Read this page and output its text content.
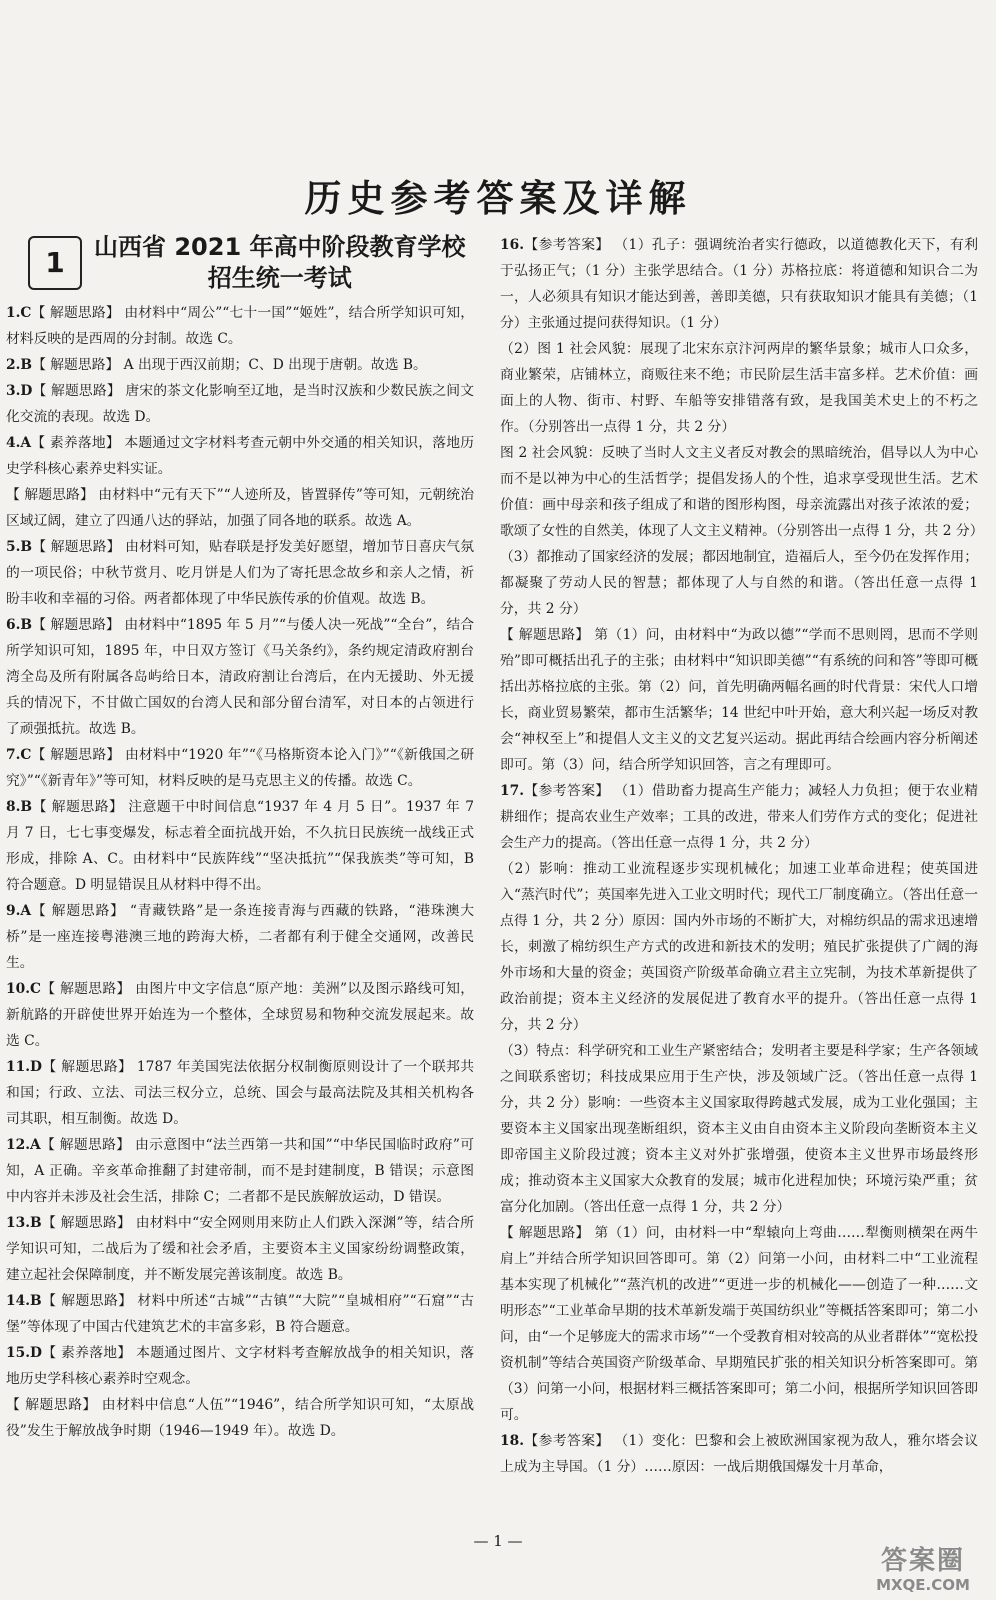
历史参考答案及详解
1	山西省 2021 年高中阶段教育学校
招生统一考试

1.C【 解题思路】 由材料中“周公”“七十一国”“姬姓”，结合所学知识可知，材料反映的是西周的分封制。故选 C。

2.B【 解题思路】 A 出现于西汉前期；C、D 出现于唐朝。故选 B。

3.D【 解题思路】 唐宋的茶文化影响至辽地，是当时汉族和少数民族之间文化交流的表现。故选 D。

4.A【 素养落地】 本题通过文字材料考查元朝中外交通的相关知识，落地历史学科核心素养史料实证。

【 解题思路】 由材料中“元有天下”“人迹所及，皆置驿传”等可知，元朝统治区域辽阔，建立了四通八达的驿站，加强了同各地的联系。故选 A。

5.B【 解题思路】 由材料可知，贴春联是抒发美好愿望，增加节日喜庆气氛的一项民俗；中秋节赏月、吃月饼是人们为了寄托思念故乡和亲人之情，祈盼丰收和幸福的习俗。两者都体现了中华民族传承的价值观。故选 B。

6.B【 解题思路】 由材料中“1895 年 5 月”“与倭人决一死战”“全台”，结合所学知识可知，1895 年，中日双方签订《马关条约》，条约规定清政府割台湾全岛及所有附属各岛屿给日本，清政府割让台湾后，在内无援助、外无援兵的情况下，不甘做亡国奴的台湾人民和部分留台清军，对日本的占领进行了顽强抵抗。故选 B。

7.C【 解题思路】 由材料中“1920 年”“《马格斯资本论入门》”“《新俄国之研究》”“《新青年》”等可知，材料反映的是马克思主义的传播。故选 C。

8.B【 解题思路】 注意题干中时间信息“1937 年 4 月 5 日”。1937 年 7 月 7 日，七七事变爆发，标志着全面抗战开始，不久抗日民族统一战线正式形成，排除 A、C。由材料中“民族阵线”“坚决抵抗”“保我族类”等可知，B 符合题意。D 明显错误且从材料中得不出。

9.A【 解题思路】 “青藏铁路”是一条连接青海与西藏的铁路，“港珠澳大桥”是一座连接粤港澳三地的跨海大桥，二者都有利于健全交通网，改善民生。

10.C【 解题思路】 由图片中文字信息“原产地：美洲”以及图示路线可知，新航路的开辟使世界开始连为一个整体，全球贸易和物种交流发展起来。故选 C。

11.D【 解题思路】 1787 年美国宪法依据分权制衡原则设计了一个联邦共和国；行政、立法、司法三权分立，总统、国会与最高法院及其相关机构各司其职，相互制衡。故选 D。

12.A【 解题思路】 由示意图中“法兰西第一共和国”“中华民国临时政府”可知，A 正确。辛亥革命推翻了封建帝制，而不是封建制度，B 错误；示意图中内容并未涉及社会生活，排除 C；二者都不是民族解放运动，D 错误。

13.B【 解题思路】 由材料中“安全网则用来防止人们跌入深渊”等，结合所学知识可知，二战后为了缓和社会矛盾，主要资本主义国家纷纷调整政策，建立起社会保障制度，并不断发展完善该制度。故选 B。

14.B【 解题思路】 材料中所述“古城”“古镇”“大院”“皇城相府”“石窟”“古堡”等体现了中国古代建筑艺术的丰富多彩，B 符合题意。

15.D【 素养落地】 本题通过图片、文字材料考查解放战争的相关知识，落地历史学科核心素养时空观念。

【 解题思路】 由材料中信息“人伍”“1946”，结合所学知识可知，“太原战役”发生于解放战争时期（1946—1949 年）。故选 D。

16.【参考答案】 （1）孔子：强调统治者实行德政，以道德教化天下，有利于弘扬正气；（1 分）主张学思结合。（1 分）苏格拉底：将道德和知识合二为一，人必须具有知识才能达到善，善即美德，只有获取知识才能具有美德；（1 分）主张通过提问获得知识。（1 分）

（2）图 1 社会风貌：展现了北宋东京汴河两岸的繁华景象；城市人口众多，商业繁荣，店铺林立，商贩往来不绝；市民阶层生活丰富多样。艺术价值：画面上的人物、街市、村野、车船等安排错落有致，是我国美术史上的不朽之作。（分别答出一点得 1 分，共 2 分）

图 2 社会风貌：反映了当时人文主义者反对教会的黑暗统治，倡导以人为中心而不是以神为中心的生活哲学；提倡发扬人的个性，追求享受现世生活。艺术价值：画中母亲和孩子组成了和谐的图形构图，母亲流露出对孩子浓浓的爱；歌颂了女性的自然美，体现了人文主义精神。（分别答出一点得 1 分，共 2 分）

（3）都推动了国家经济的发展；都因地制宜，造福后人，至今仍在发挥作用；都凝聚了劳动人民的智慧；都体现了人与自然的和谐。（答出任意一点得 1 分，共 2 分）

【 解题思路】 第（1）问，由材料中“为政以德”“学而不思则罔，思而不学则殆”即可概括出孔子的主张；由材料中“知识即美德”“有系统的问和答”等即可概括出苏格拉底的主张。第（2）问，首先明确两幅名画的时代背景：宋代人口增长，商业贸易繁荣，都市生活繁华；14 世纪中叶开始，意大利兴起一场反对教会“神权至上”和提倡人文主义的文艺复兴运动。据此再结合绘画内容分析阐述即可。第（3）问，结合所学知识回答，言之有理即可。

17.【参考答案】 （1）借助畜力提高生产能力；减轻人力负担；便于农业精耕细作；提高农业生产效率；工具的改进，带来人们劳作方式的变化；促进社会生产力的提高。（答出任意一点得 1 分，共 2 分）

（2）影响：推动工业流程逐步实现机械化；加速工业革命进程；使英国进入“蒸汽时代”；英国率先进入工业文明时代；现代工厂制度确立。（答出任意一点得 1 分，共 2 分）原因：国内外市场的不断扩大，对棉纺织品的需求迅速增长，刺激了棉纺织生产方式的改进和新技术的发明；殖民扩张提供了广阔的海外市场和大量的资金；英国资产阶级革命确立君主立宪制，为技术革新提供了政治前提；资本主义经济的发展促进了教育水平的提升。（答出任意一点得 1 分，共 2 分）

（3）特点：科学研究和工业生产紧密结合；发明者主要是科学家；生产各领域之间联系密切；科技成果应用于生产快，涉及领域广泛。（答出任意一点得 1 分，共 2 分）影响：一些资本主义国家取得跨越式发展，成为工业化强国；主要资本主义国家出现垄断组织，资本主义由自由资本主义阶段向垄断资本主义即帝国主义阶段过渡；资本主义对外扩张增强，使资本主义世界市场最终形成；推动资本主义国家大众教育的发展；城市化进程加快；环境污染严重；贫富分化加剧。（答出任意一点得 1 分，共 2 分）

【 解题思路】 第（1）问，由材料一中“犁辕向上弯曲……犁衡则横架在两牛肩上”并结合所学知识回答即可。第（2）问第一小问，由材料二中“工业流程基本实现了机械化”“蒸汽机的改进”“更进一步的机械化——创造了一种……文明形态”“工业革命早期的技术革新发端于英国纺织业”等概括答案即可；第二小问，由“一个足够庞大的需求市场”“一个受教育相对较高的从业者群体”“宽松投资机制”等结合英国资产阶级革命、早期殖民扩张的相关知识分析答案即可。第（3）问第一小问，根据材料三概括答案即可；第二小问，根据所学知识回答即可。

18.【参考答案】 （1）变化：巴黎和会上被欧洲国家视为敌人，雅尔塔会议上成为主导国。（1 分）……原因：一战后期俄国爆发十月革命，

— 1 —
答案圈
MXQE.COM
